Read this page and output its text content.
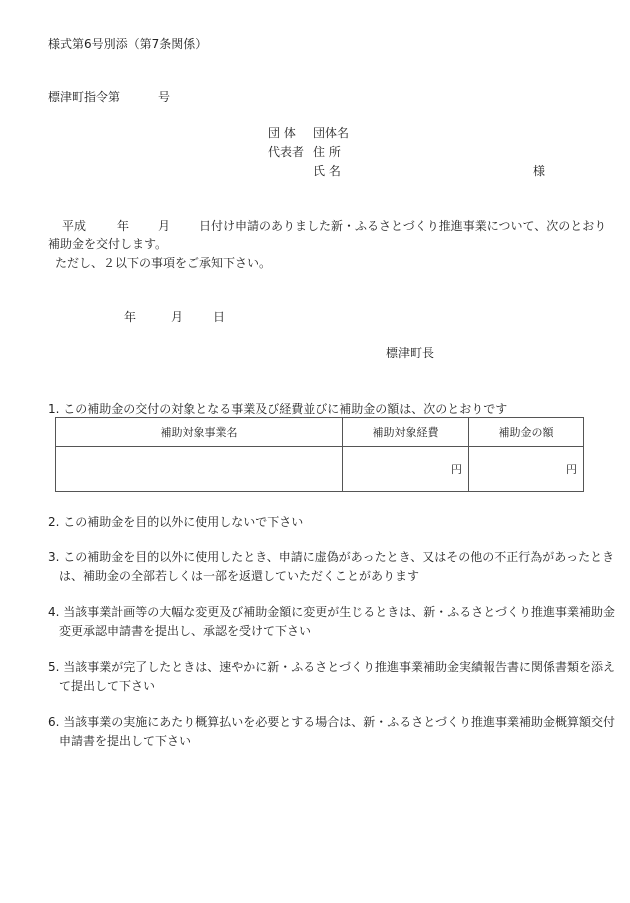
様式第6号別添（第7条関係）
標津町指令第	号
団 体 団体名
代表者 住 所
氏 名	様
平成	年 月 日付け申請のありました新・ふるさとづくり推進事業について、次のとおり
補助金を交付します。
ただし、２以下の事項をご承知下さい。
年	月 日
標津町長
1. この補助金の交付の対象となる事業及び経費並びに補助金の額は、次のとおりです
補助対象事業名	補助対象経費	補助金の額
	円	円
2. この補助金を目的以外に使用しないで下さい
3. この補助金を目的以外に使用したとき、申請に虚偽があったとき、又はその他の不正行為があったとき
は、補助金の全部若しくは一部を返還していただくことがあります
4. 当該事業計画等の大幅な変更及び補助金額に変更が生じるときは、新・ふるさとづくり推進事業補助金
変更承認申請書を提出し、承認を受けて下さい
5. 当該事業が完了したときは、速やかに新・ふるさとづくり推進事業補助金実績報告書に関係書類を添え
て提出して下さい
6. 当該事業の実施にあたり概算払いを必要とする場合は、新・ふるさとづくり推進事業補助金概算額交付
申請書を提出して下さい
